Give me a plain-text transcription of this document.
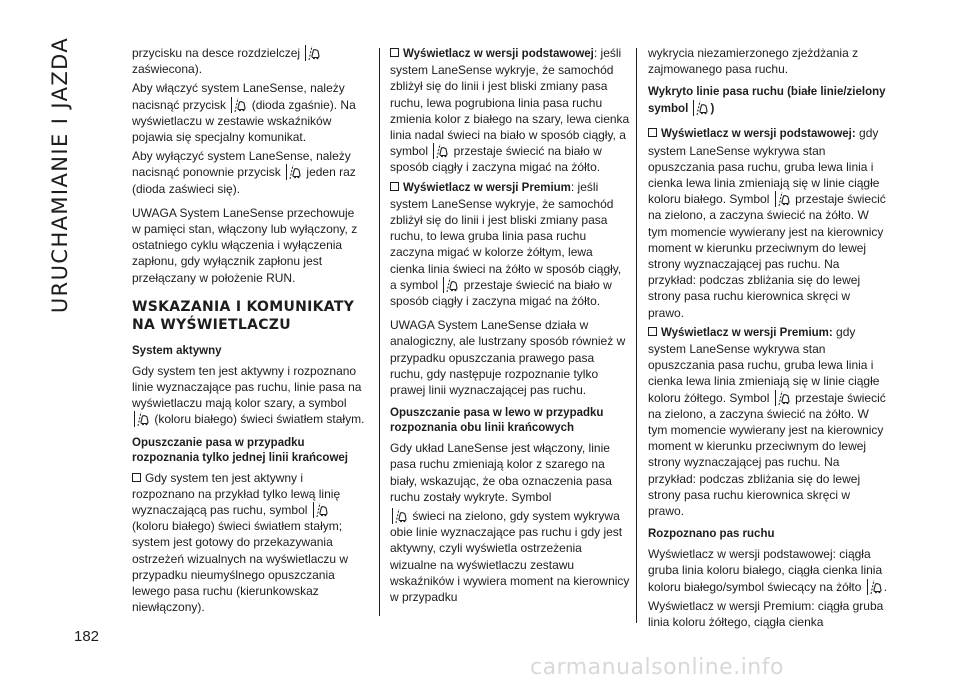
URUCHAMIANIE I JAZDA
182

przycisku na desce rozdzielczej
zaświecona).

Aby włączyć system LaneSense, należy nacisnąć przycisk
(dioda zgaśnie). Na wyświetlaczu w zestawie wskaźników pojawia się specjalny komunikat.

Aby wyłączyć system LaneSense, należy nacisnąć ponownie przycisk
jeden raz (dioda zaświeci się).

UWAGA System LaneSense przechowuje w pamięci stan, włączony lub wyłączony, z ostatniego cyklu włączenia i wyłączenia zapłonu, gdy wyłącznik zapłonu jest przełączany w położenie RUN.

WSKAZANIA I KOMUNIKATY NA WYŚWIETLACZU
System aktywny

Gdy system ten jest aktywny i rozpoznano linie wyznaczające pas ruchu, linie pasa na wyświetlaczu mają kolor szary, a symbol
(koloru białego) świeci światłem stałym.

Opuszczanie pasa w przypadku rozpoznania tylko jednej linii krańcowej

Gdy system ten jest aktywny i rozpoznano na przykład tylko lewą linię wyznaczającą pas ruchu, symbol
(koloru białego) świeci światłem stałym; system jest gotowy do przekazywania ostrzeżeń wizualnych na wyświetlaczu w przypadku nieumyślnego opuszczania lewego pasa ruchu (kierunkowskaz niewłączony).

Wyświetlacz w wersji podstawowej: jeśli system LaneSense wykryje, że samochód zbliżył się do linii i jest bliski zmiany pasa ruchu, lewa pogrubiona linia pasa ruchu zmienia kolor z białego na szary, lewa cienka linia nadal świeci na biało w sposób ciągły, a symbol
przestaje świecić na biało w sposób ciągły i zaczyna migać na żółto.

Wyświetlacz w wersji Premium: jeśli system LaneSense wykryje, że samochód zbliżył się do linii i jest bliski zmiany pasa ruchu, to lewa gruba linia pasa ruchu zaczyna migać w kolorze żółtym, lewa cienka linia świeci na żółto w sposób ciągły, a symbol
przestaje świecić na biało w sposób ciągły i zaczyna migać na żółto.

UWAGA System LaneSense działa w analogiczny, ale lustrzany sposób również w przypadku opuszczania prawego pasa ruchu, gdy następuje rozpoznanie tylko prawej linii wyznaczającej pas ruchu.

Opuszczanie pasa w lewo w przypadku rozpoznania obu linii krańcowych

Gdy układ LaneSense jest włączony, linie pasa ruchu zmieniają kolor z szarego na biały, wskazując, że oba oznaczenia pasa ruchu zostały wykryte. Symbol

świeci na zielono, gdy system wykrywa obie linie wyznaczające pas ruchu i gdy jest aktywny, czyli wyświetla ostrzeżenia wizualne na wyświetlaczu zestawu wskaźników i wywiera moment na kierownicy w przypadku

wykrycia niezamierzonego zjeżdżania z zajmowanego pasa ruchu.

Wykryto linie pasa ruchu (białe linie/zielony symbol
)

Wyświetlacz w wersji podstawowej: gdy system LaneSense wykrywa stan opuszczania pasa ruchu, gruba lewa linia i cienka lewa linia zmieniają się w linie ciągłe koloru białego. Symbol
przestaje świecić na zielono, a zaczyna świecić na żółto. W tym momencie wywierany jest na kierownicy moment w kierunku przeciwnym do lewej strony wyznaczającej pas ruchu. Na przykład: podczas zbliżania się do lewej strony pasa ruchu kierownica skręci w prawo.

Wyświetlacz w wersji Premium: gdy system LaneSense wykrywa stan opuszczania pasa ruchu, gruba lewa linia i cienka lewa linia zmieniają się w linie ciągłe koloru żółtego. Symbol
przestaje świecić na zielono, a zaczyna świecić na żółto. W tym momencie wywierany jest na kierownicy moment w kierunku przeciwnym do lewej strony wyznaczającej pas ruchu. Na przykład: podczas zbliżania się do lewej strony pasa ruchu kierownica skręci w prawo.

Rozpoznano pas ruchu

Wyświetlacz w wersji podstawowej: ciągła gruba linia koloru białego, ciągła cienka linia koloru białego/symbol świecący na żółto
.

Wyświetlacz w wersji Premium: ciągła gruba linia koloru żółtego, ciągła cienka

carmanualsonline.info
